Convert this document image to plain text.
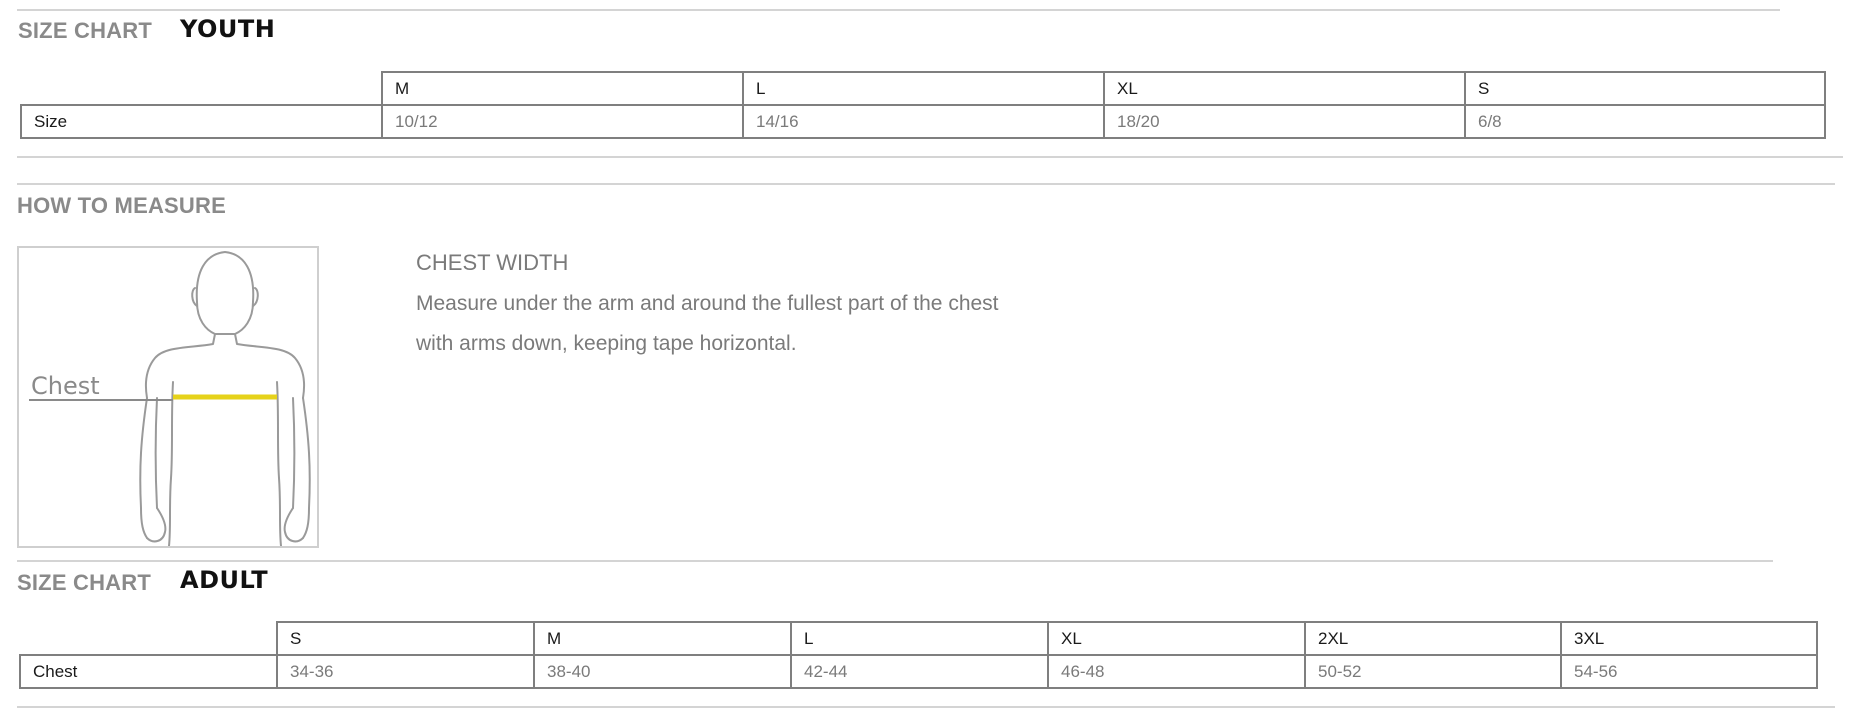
SIZE CHART YOUTH
	M	L	XL	S
Size	10/12	14/16	18/20	6/8
HOW TO MEASURE
Chest
CHEST WIDTH
Measure under the arm and around the fullest part of the chest
with arms down, keeping tape horizontal.
SIZE CHART ADULT
	S	M	L	XL	2XL	3XL
Chest	34-36	38-40	42-44	46-48	50-52	54-56
